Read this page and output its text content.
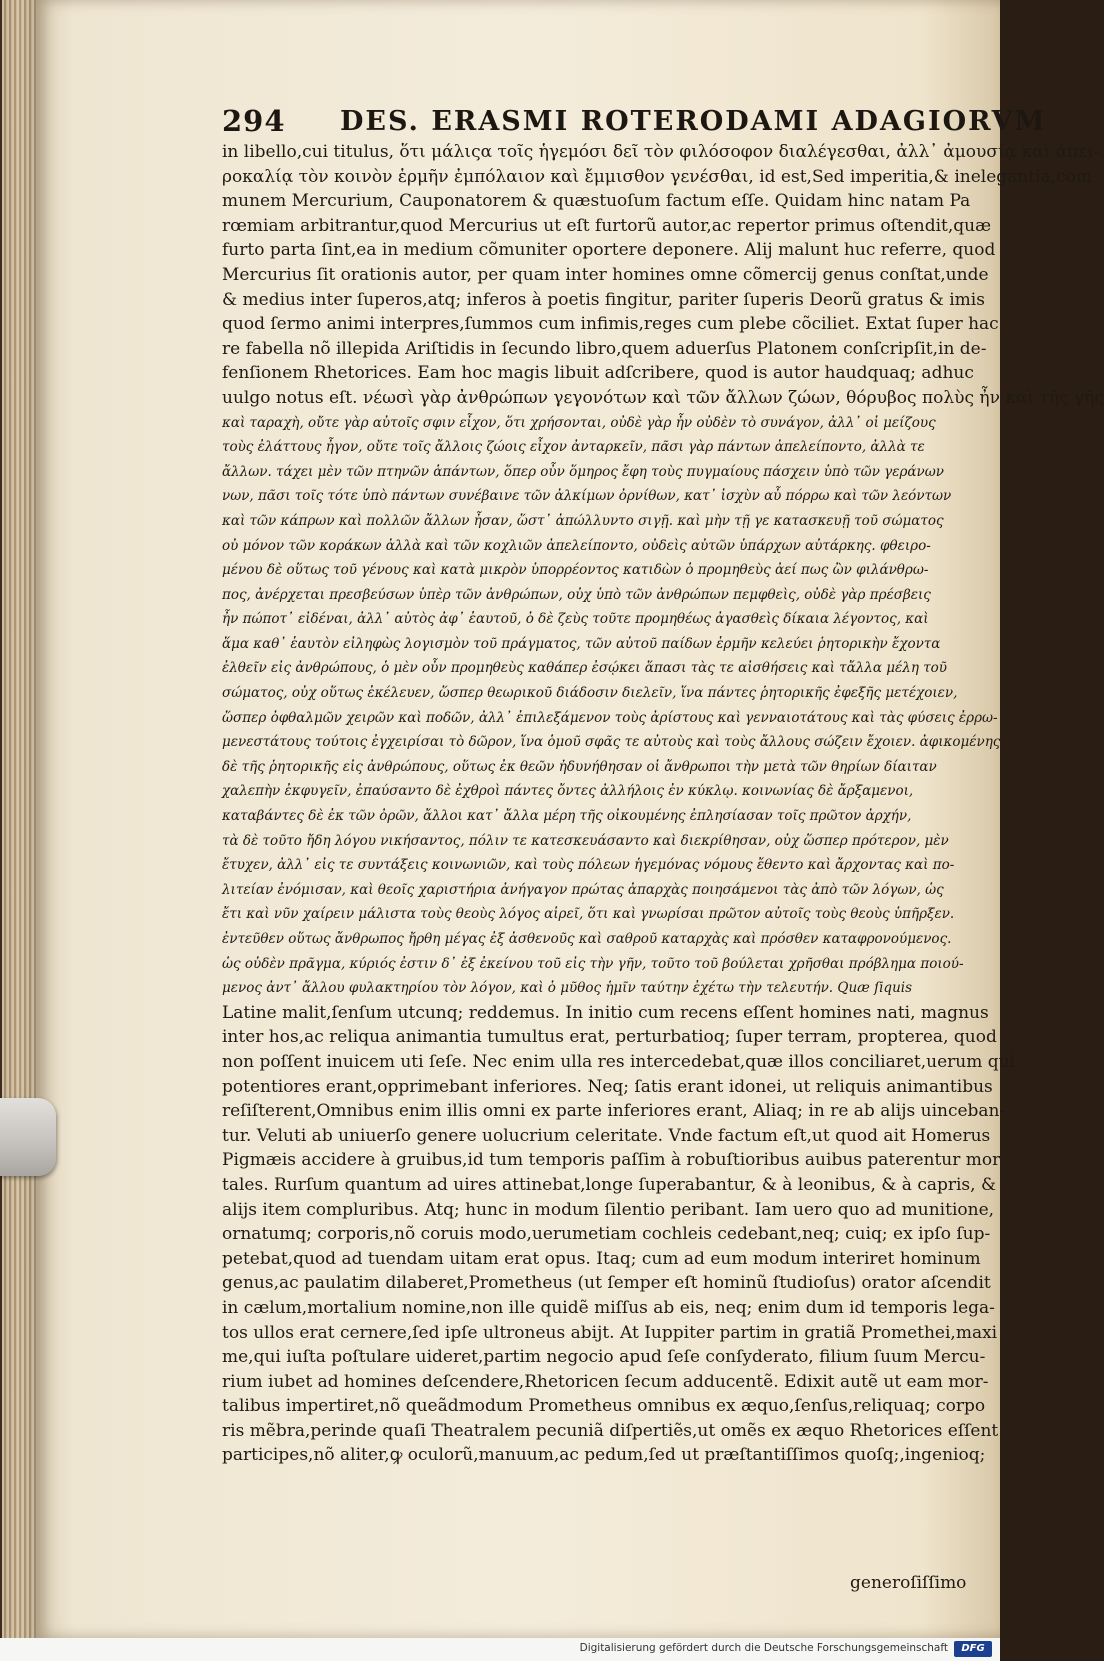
294 DES. ERASMI ROTERODAMI ADAGIORVM
in libello,cui titulus, ὅτι μάλιςα τοῖς ἡγεμόσι δεῖ τὸν φιλόσοφον διαλέγεσθαι, ἀλλ᾽ ἀμουσίᾳ καὶ ἀπει-
ροκαλίᾳ τὸν κοινὸν ἑρμῆν ἐμπόλαιον καὶ ἔμμισθον γενέσθαι, id est,Sed imperitia,& inelegantia,com
munem Mercurium, Cauponatorem & quæstuoſum factum eſſe. Quidam hinc natam Pa
rœmiam arbitrantur,quod Mercurius ut eſt furtorũ autor,ac repertor primus oſtendit,quæ
furto parta ſint,ea in medium cõmuniter oportere deponere. Alij malunt huc referre, quod
Mercurius ſit orationis autor, per quam inter homines omne cõmercij genus conſtat,unde
& medius inter ſuperos,atq; inferos à poetis fingitur, pariter ſuperis Deorũ gratus & imis
quod ſermo animi interpres,ſummos cum infimis,reges cum plebe cõciliet. Extat ſuper hac
re fabella nõ illepida Ariſtidis in ſecundo libro,quem aduerſus Platonem conſcripſit,in de-
fenſionem Rhetorices. Eam hoc magis libuit adſcribere, quod is autor haudquaq; adhuc
uulgo notus eſt. νέωσὶ γὰρ ἀνθρώπων γεγονότων καὶ τῶν ἄλλων ζώων, θόρυβος πολὺς ἦν καὶ τῆς γῆς
καὶ ταραχὴ, οὔτε γὰρ αὐτοῖς σφιν εἶχον, ὅτι χρήσονται, οὐδὲ γὰρ ἦν οὐδὲν τὸ συνάγον, ἀλλ᾽ οἱ μείζους
τοὺς ἐλάττους ἦγον, οὔτε τοῖς ἄλλοις ζώοις εἶχον ἀνταρκεῖν, πᾶσι γὰρ πάντων ἀπελείποντο, ἀλλὰ τε
ἄλλων. τάχει μὲν τῶν πτηνῶν ἁπάντων, ὅπερ οὖν ὅμηρος ἔφη τοὺς πυγμαίους πάσχειν ὑπὸ τῶν γεράνων
νων, πᾶσι τοῖς τότε ὑπὸ πάντων συνέβαινε τῶν ἀλκίμων ὀρνίθων, κατ᾽ ἰσχὺν αὖ πόρρω καὶ τῶν λεόντων
καὶ τῶν κάπρων καὶ πολλῶν ἄλλων ἦσαν, ὥστ᾽ ἀπώλλυντο σιγῇ. καὶ μὴν τῇ γε κατασκευῇ τοῦ σώματος
οὐ μόνον τῶν κοράκων ἀλλὰ καὶ τῶν κοχλιῶν ἀπελείποντο, οὐδεὶς αὐτῶν ὑπάρχων αὐτάρκης. φθειρο-
μένου δὲ οὕτως τοῦ γένους καὶ κατὰ μικρὸν ὑπορρέοντος κατιδὼν ὁ προμηθεὺς ἀεί πως ὢν φιλάνθρω-
πος, ἀνέρχεται πρεσβεύσων ὑπὲρ τῶν ἀνθρώπων, οὐχ ὑπὸ τῶν ἀνθρώπων πεμφθεὶς, οὐδὲ γὰρ πρέσβεις
ἦν πώποτ᾽ εἰδέναι, ἀλλ᾽ αὐτὸς ἀφ᾽ ἑαυτοῦ, ὁ δὲ ζεὺς τοῦτε προμηθέως ἀγασθεὶς δίκαια λέγοντος, καὶ
ἅμα καθ᾽ ἑαυτὸν εἰληφὼς λογισμὸν τοῦ πράγματος, τῶν αὐτοῦ παίδων ἑρμῆν κελεύει ῥητορικὴν ἔχοντα
ἐλθεῖν εἰς ἀνθρώπους, ὁ μὲν οὖν προμηθεὺς καθάπερ ἐσῴκει ἅπασι τὰς τε αἰσθήσεις καὶ τἄλλα μέλη τοῦ
σώματος, οὐχ οὕτως ἐκέλευεν, ὥσπερ θεωρικοῦ διάδοσιν διελεῖν, ἵνα πάντες ῥητορικῆς ἐφεξῆς μετέχοιεν,
ὥσπερ ὀφθαλμῶν χειρῶν καὶ ποδῶν, ἀλλ᾽ ἐπιλεξάμενον τοὺς ἀρίστους καὶ γενναιοτάτους καὶ τὰς φύσεις ἐρρω-
μενεστάτους τούτοις ἐγχειρίσαι τὸ δῶρον, ἵνα ὁμοῦ σφᾶς τε αὐτοὺς καὶ τοὺς ἄλλους σώζειν ἔχοιεν. ἀφικομένης
δὲ τῆς ῥητορικῆς εἰς ἀνθρώπους, οὕτως ἐκ θεῶν ἠδυνήθησαν οἱ ἄνθρωποι τὴν μετὰ τῶν θηρίων δίαιταν
χαλεπὴν ἐκφυγεῖν, ἐπαύσαντο δὲ ἐχθροὶ πάντες ὄντες ἀλλήλοις ἐν κύκλῳ. κοινωνίας δὲ ἄρξαμενοι,
καταβάντες δὲ ἐκ τῶν ὀρῶν, ἄλλοι κατ᾽ ἄλλα μέρη τῆς οἰκουμένης ἐπλησίασαν τοῖς πρῶτον ἀρχήν,
τὰ δὲ τοῦτο ἤδη λόγου νικήσαντος, πόλιν τε κατεσκευάσαντο καὶ διεκρίθησαν, οὐχ ὥσπερ πρότερον, μὲν
ἔτυχεν, ἀλλ᾽ εἰς τε συντάξεις κοινωνιῶν, καὶ τοὺς πόλεων ἡγεμόνας νόμους ἔθεντο καὶ ἄρχοντας καὶ πο-
λιτείαν ἐνόμισαν, καὶ θεοῖς χαριστήρια ἀνήγαγον πρώτας ἀπαρχὰς ποιησάμενοι τὰς ἀπὸ τῶν λόγων, ὡς
ἔτι καὶ νῦν χαίρειν μάλιστα τοὺς θεοὺς λόγος αἱρεῖ, ὅτι καὶ γνωρίσαι πρῶτον αὐτοῖς τοὺς θεοὺς ὑπῆρξεν.
ἐντεῦθεν οὕτως ἄνθρωπος ἤρθη μέγας ἐξ ἀσθενοῦς καὶ σαθροῦ καταρχὰς καὶ πρόσθεν καταφρονούμενος.
ὡς οὐδὲν πρᾶγμα, κύριός ἐστιν δ᾽ ἐξ ἐκείνου τοῦ εἰς τὴν γῆν, τοῦτο τοῦ βούλεται χρῆσθαι πρόβλημα ποιού-
μενος ἀντ᾽ ἄλλου φυλακτηρίου τὸν λόγον, καὶ ὁ μῦθος ἡμῖν ταύτην ἐχέτω τὴν τελευτήν. Quæ ſiquis
Latine malit,ſenſum utcunq; reddemus. In initio cum recens eſſent homines nati, magnus
inter hos,ac reliqua animantia tumultus erat, perturbatioq; ſuper terram, propterea, quod
non poſſent inuicem uti ſeſe. Nec enim ulla res intercedebat,quæ illos conciliaret,uerum qui
potentiores erant,opprimebant inferiores. Neq; ſatis erant idonei, ut reliquis animantibus
reſiſterent,Omnibus enim illis omni ex parte inferiores erant, Aliaq; in re ab alijs uinceban-
tur. Veluti ab uniuerſo genere uolucrium celeritate. Vnde factum eſt,ut quod ait Homerus
Pigmæis accidere à gruibus,id tum temporis paſſim à robuſtioribus auibus paterentur mor
tales. Rurſum quantum ad uires attinebat,longe ſuperabantur, & à leonibus, & à capris, &
alijs item compluribus. Atq; hunc in modum ſilentio peribant. Iam uero quo ad munitione,
ornatumq; corporis,nõ coruis modo,uerumetiam cochleis cedebant,neq; cuiq; ex ipſo ſup-
petebat,quod ad tuendam uitam erat opus. Itaq; cum ad eum modum interiret hominum
genus,ac paulatim dilaberet,Prometheus (ut ſemper eſt hominũ ſtudioſus) orator aſcendit
in cælum,mortalium nomine,non ille quidẽ miſſus ab eis, neq; enim dum id temporis lega-
tos ullos erat cernere,ſed ipſe ultroneus abijt. At Iuppiter partim in gratiã Promethei,maxi
me,qui iuſta poſtulare uideret,partim negocio apud ſeſe conſyderato, filium ſuum Mercu-
rium iubet ad homines deſcendere,Rhetoricen ſecum adducentẽ. Edixit autẽ ut eam mor-
talibus impertiret,nõ queãdmodum Prometheus omnibus ex æquo,ſenſus,reliquaq; corpo
ris mẽbra,perinde quaſi Theatralem pecuniã diſpertiẽs,ut omẽs ex æquo Rhetorices eſſent
participes,nõ aliter,ꝙ oculorũ,manuum,ac pedum,ſed ut præſtantiſſimos quoſq;,ingenioq;
generoſiſſimo
Digitalisierung gefördert durch die Deutsche Forschungsgemeinschaft	DFG
